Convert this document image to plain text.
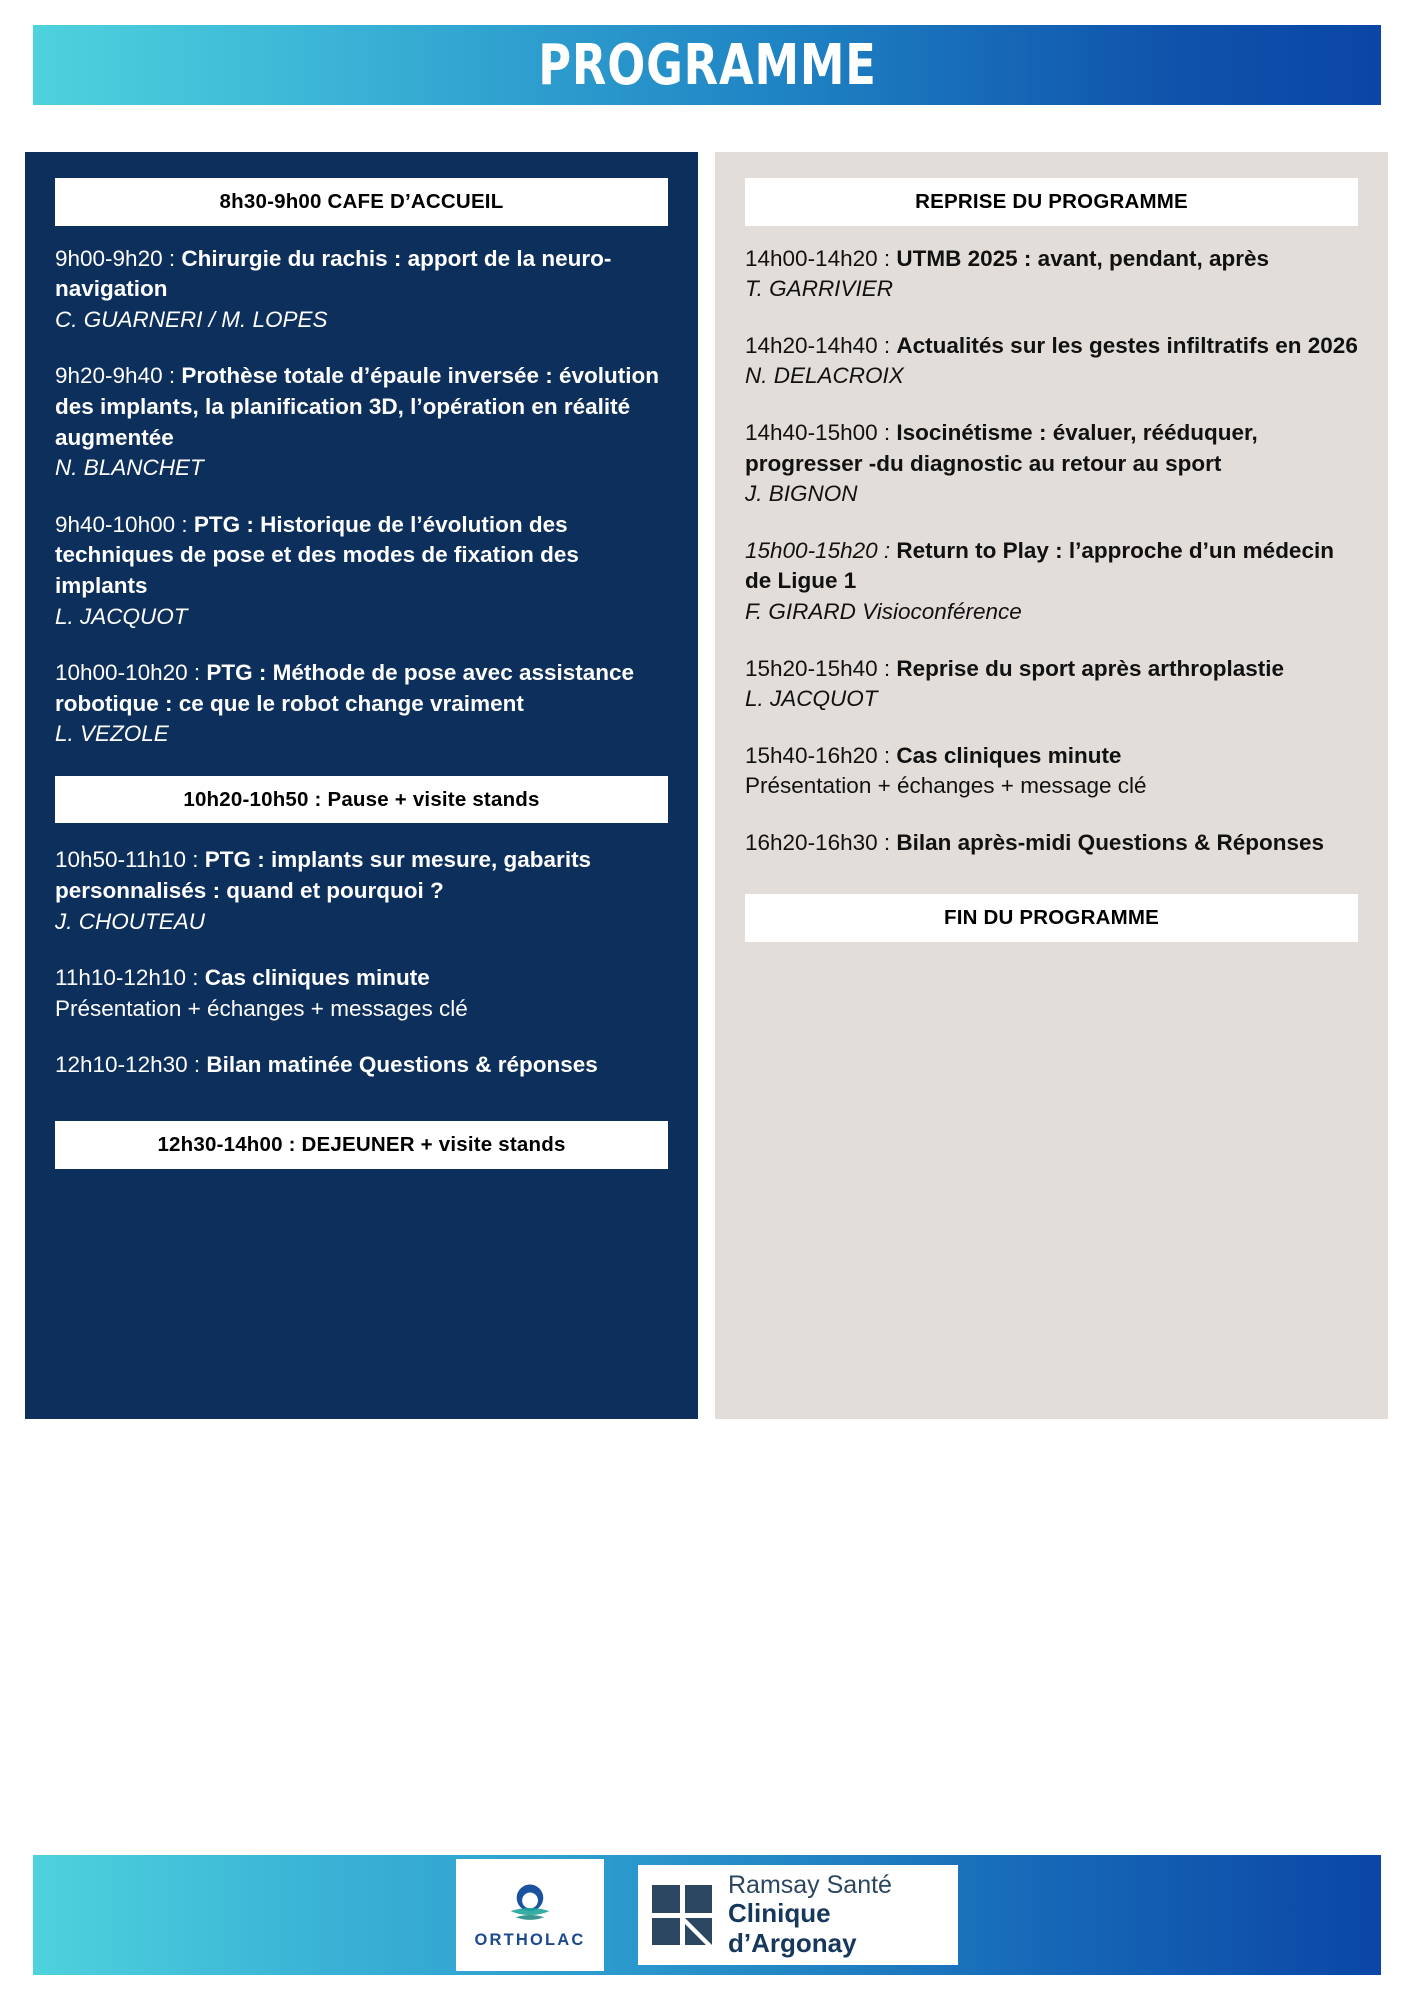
PROGRAMME
8h30-9h00 CAFE D’ACCUEIL
9h00-9h20 : Chirurgie du rachis : apport de la neuro-navigation
C. GUARNERI / M. LOPES
9h20-9h40 : Prothèse totale d’épaule inversée : évolution des implants, la planification 3D, l’opération en réalité augmentée
N. BLANCHET
9h40-10h00 : PTG : Historique de l’évolution des techniques de pose et des modes de fixation des implants
L. JACQUOT
10h00-10h20 : PTG : Méthode de pose avec assistance robotique : ce que le robot change vraiment
L. VEZOLE
10h20-10h50 : Pause + visite stands
10h50-11h10 : PTG : implants sur mesure, gabarits personnalisés : quand et pourquoi ?
J. CHOUTEAU
11h10-12h10 : Cas cliniques minute
Présentation + échanges + messages clé
12h10-12h30 : Bilan matinée Questions & réponses
12h30-14h00 : DEJEUNER + visite stands
REPRISE DU PROGRAMME
14h00-14h20 : UTMB 2025 : avant, pendant, après
T. GARRIVIER
14h20-14h40 : Actualités sur les gestes infiltratifs en 2026
N. DELACROIX
14h40-15h00 : Isocinétisme : évaluer, rééduquer, progresser -du diagnostic au retour au sport
J. BIGNON
15h00-15h20 : Return to Play : l’approche d’un médecin de Ligue 1
F. GIRARD Visioconférence
15h20-15h40 : Reprise du sport après arthroplastie
L. JACQUOT
15h40-16h20 : Cas cliniques minute
Présentation + échanges + message clé
16h20-16h30 : Bilan après-midi Questions & Réponses
FIN DU PROGRAMME
ORTHOLAC
Ramsay Santé
Clinique d’Argonay
